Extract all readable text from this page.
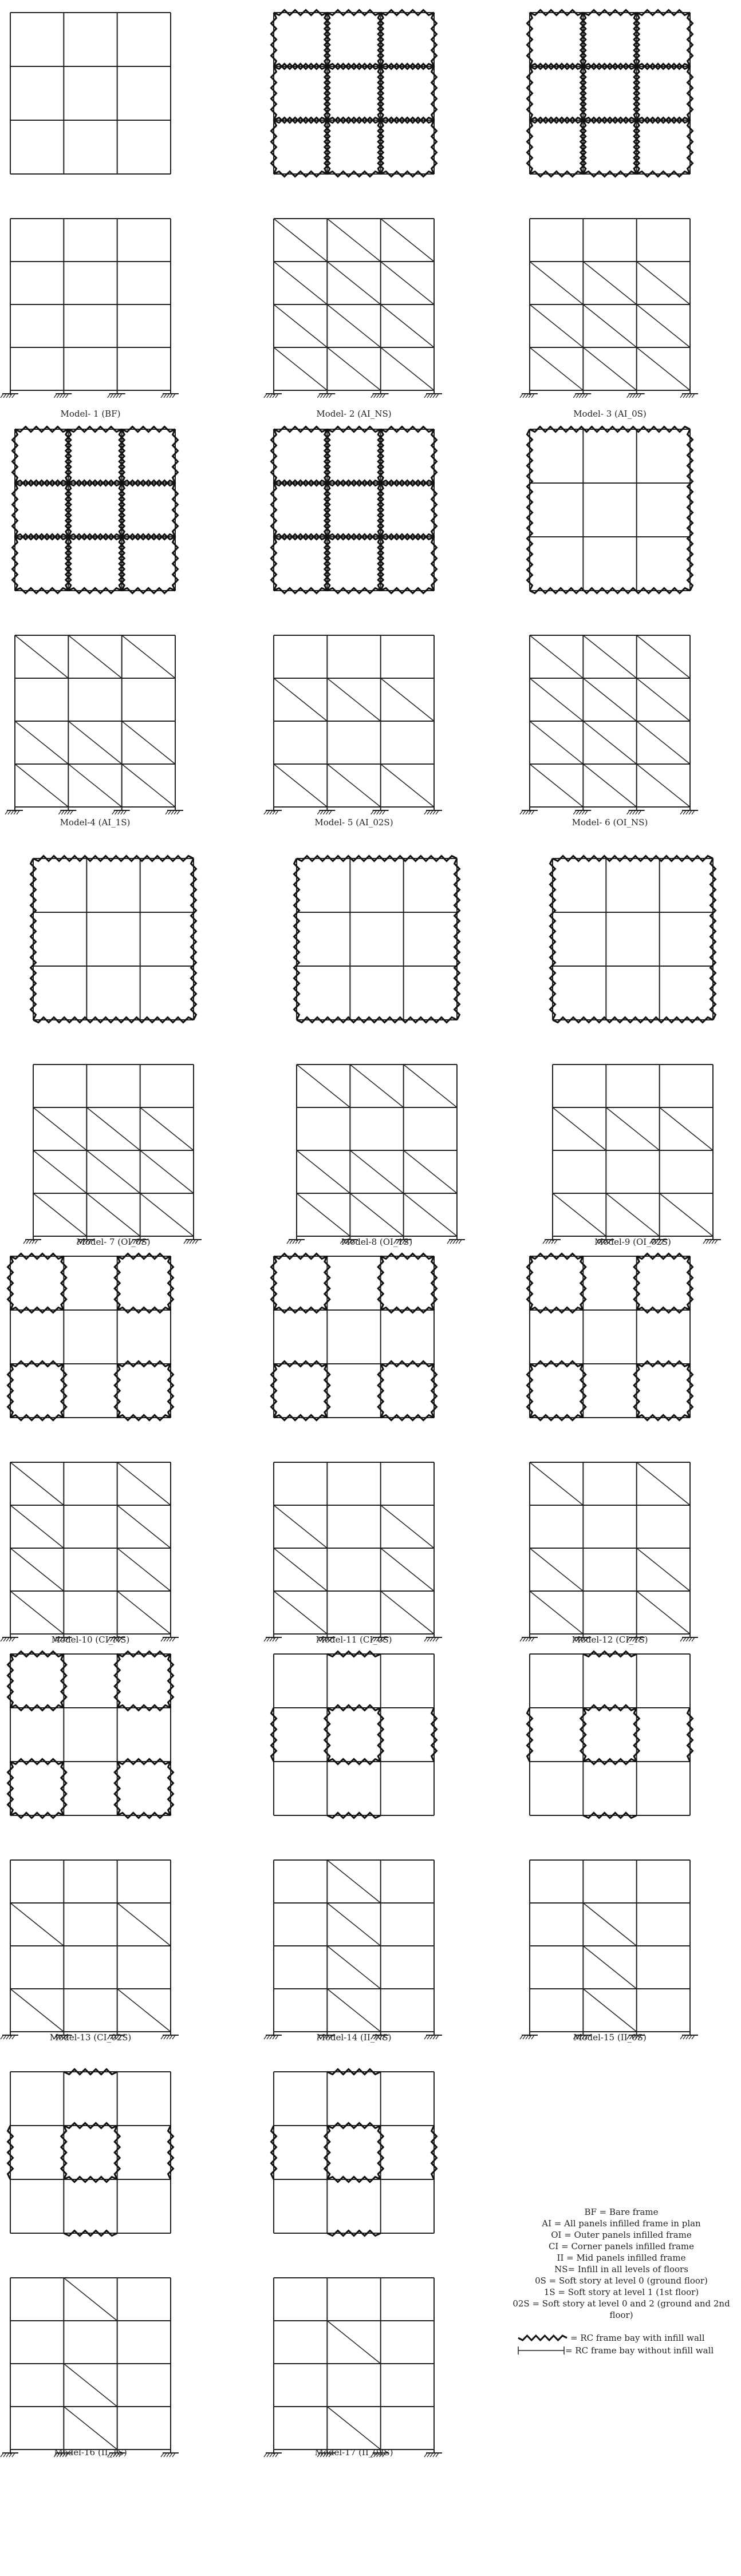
Model- 1 (BF)	Model- 2 (AI_NS)	Model- 3 (AI_0S)
Model-4 (AI_1S)	Model- 5 (AI_02S)	Model- 6 (OI_NS)
Model- 7 (OI_0S)	Model-8 (OI_1S)	Model-9 (OI_02S)
Model-10 (CI_NS)	Model-11 (CI_0S)	Model-12 (CI_1S)
Model-13 (CI_02S)	Model-14 (II_NS)	Model-15 (II_0S)
Model-16 (II_1S)	Model-17 (II_02S)
BF = Bare frame
AI = All panels infilled frame in plan
OI = Outer panels infilled frame
CI = Corner panels infilled frame
II = Mid panels infilled frame
NS= Infill in all levels of floors
0S = Soft story at level 0 (ground floor)
1S = Soft story at level 1 (1st floor)
02S = Soft story at level 0 and 2 (ground and 2nd
floor)
= RC frame bay with infill wall
= RC frame bay without infill wall
